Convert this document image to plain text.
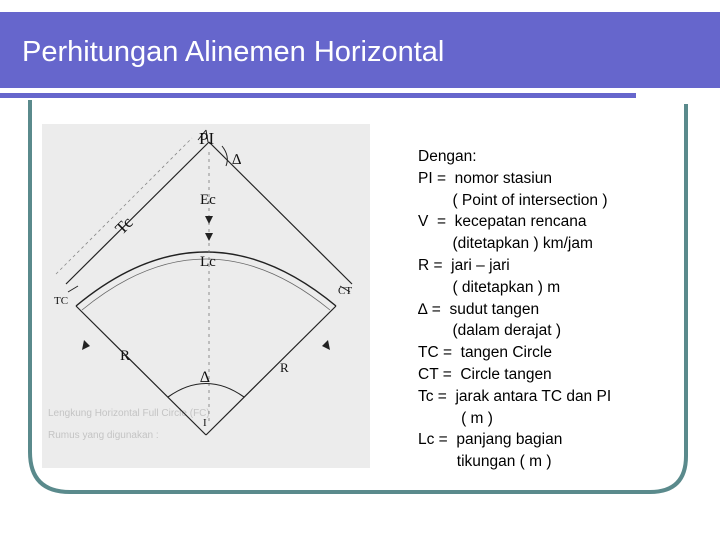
Perhitungan Alinemen Horizontal
Lengkung Horizontal Full Circle (FC)
Rumus yang digunakan :
PI
∆
Ec
Tc
Lc
TC
CT
R
R
∆
I
Dengan:
PI =  nomor stasiun
( Point of intersection )
V  =  kecepatan rencana
(ditetapkan ) km/jam
R =  jari – jari
( ditetapkan ) m
∆ =  sudut tangen
(dalam derajat )
TC =  tangen Circle
CT =  Circle tangen
Tc =  jarak antara TC dan PI
( m )
Lc =  panjang bagian
tikungan ( m )
